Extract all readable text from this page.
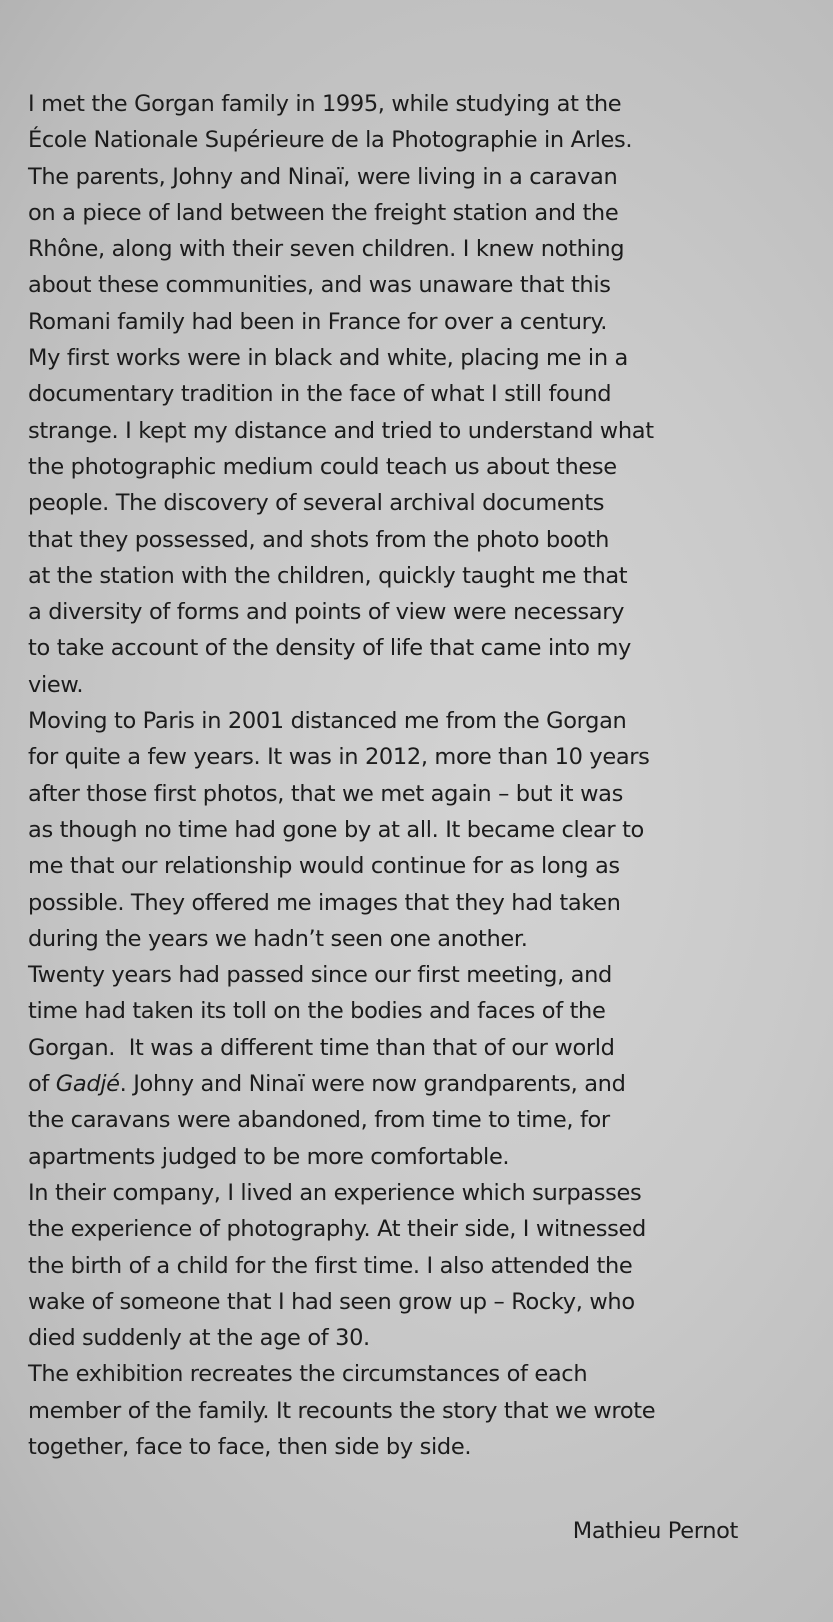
I met the Gorgan family in 1995, while studying at the
École Nationale Supérieure de la Photographie in Arles.
The parents, Johny and Ninaï, were living in a caravan
on a piece of land between the freight station and the
Rhône, along with their seven children. I knew nothing
about these communities, and was unaware that this
Romani family had been in France for over a century.
My first works were in black and white, placing me in a
documentary tradition in the face of what I still found
strange. I kept my distance and tried to understand what
the photographic medium could teach us about these
people. The discovery of several archival documents
that they possessed, and shots from the photo booth
at the station with the children, quickly taught me that
a diversity of forms and points of view were necessary
to take account of the density of life that came into my
view.
Moving to Paris in 2001 distanced me from the Gorgan
for quite a few years. It was in 2012, more than 10 years
after those first photos, that we met again – but it was
as though no time had gone by at all. It became clear to
me that our relationship would continue for as long as
possible. They offered me images that they had taken
during the years we hadn’t seen one another.
Twenty years had passed since our first meeting, and
time had taken its toll on the bodies and faces of the
Gorgan.  It was a different time than that of our world
of Gadjé. Johny and Ninaï were now grandparents, and
the caravans were abandoned, from time to time, for
apartments judged to be more comfortable.
In their company, I lived an experience which surpasses
the experience of photography. At their side, I witnessed
the birth of a child for the first time. I also attended the
wake of someone that I had seen grow up – Rocky, who
died suddenly at the age of 30.
The exhibition recreates the circumstances of each
member of the family. It recounts the story that we wrote
together, face to face, then side by side.
Mathieu Pernot
